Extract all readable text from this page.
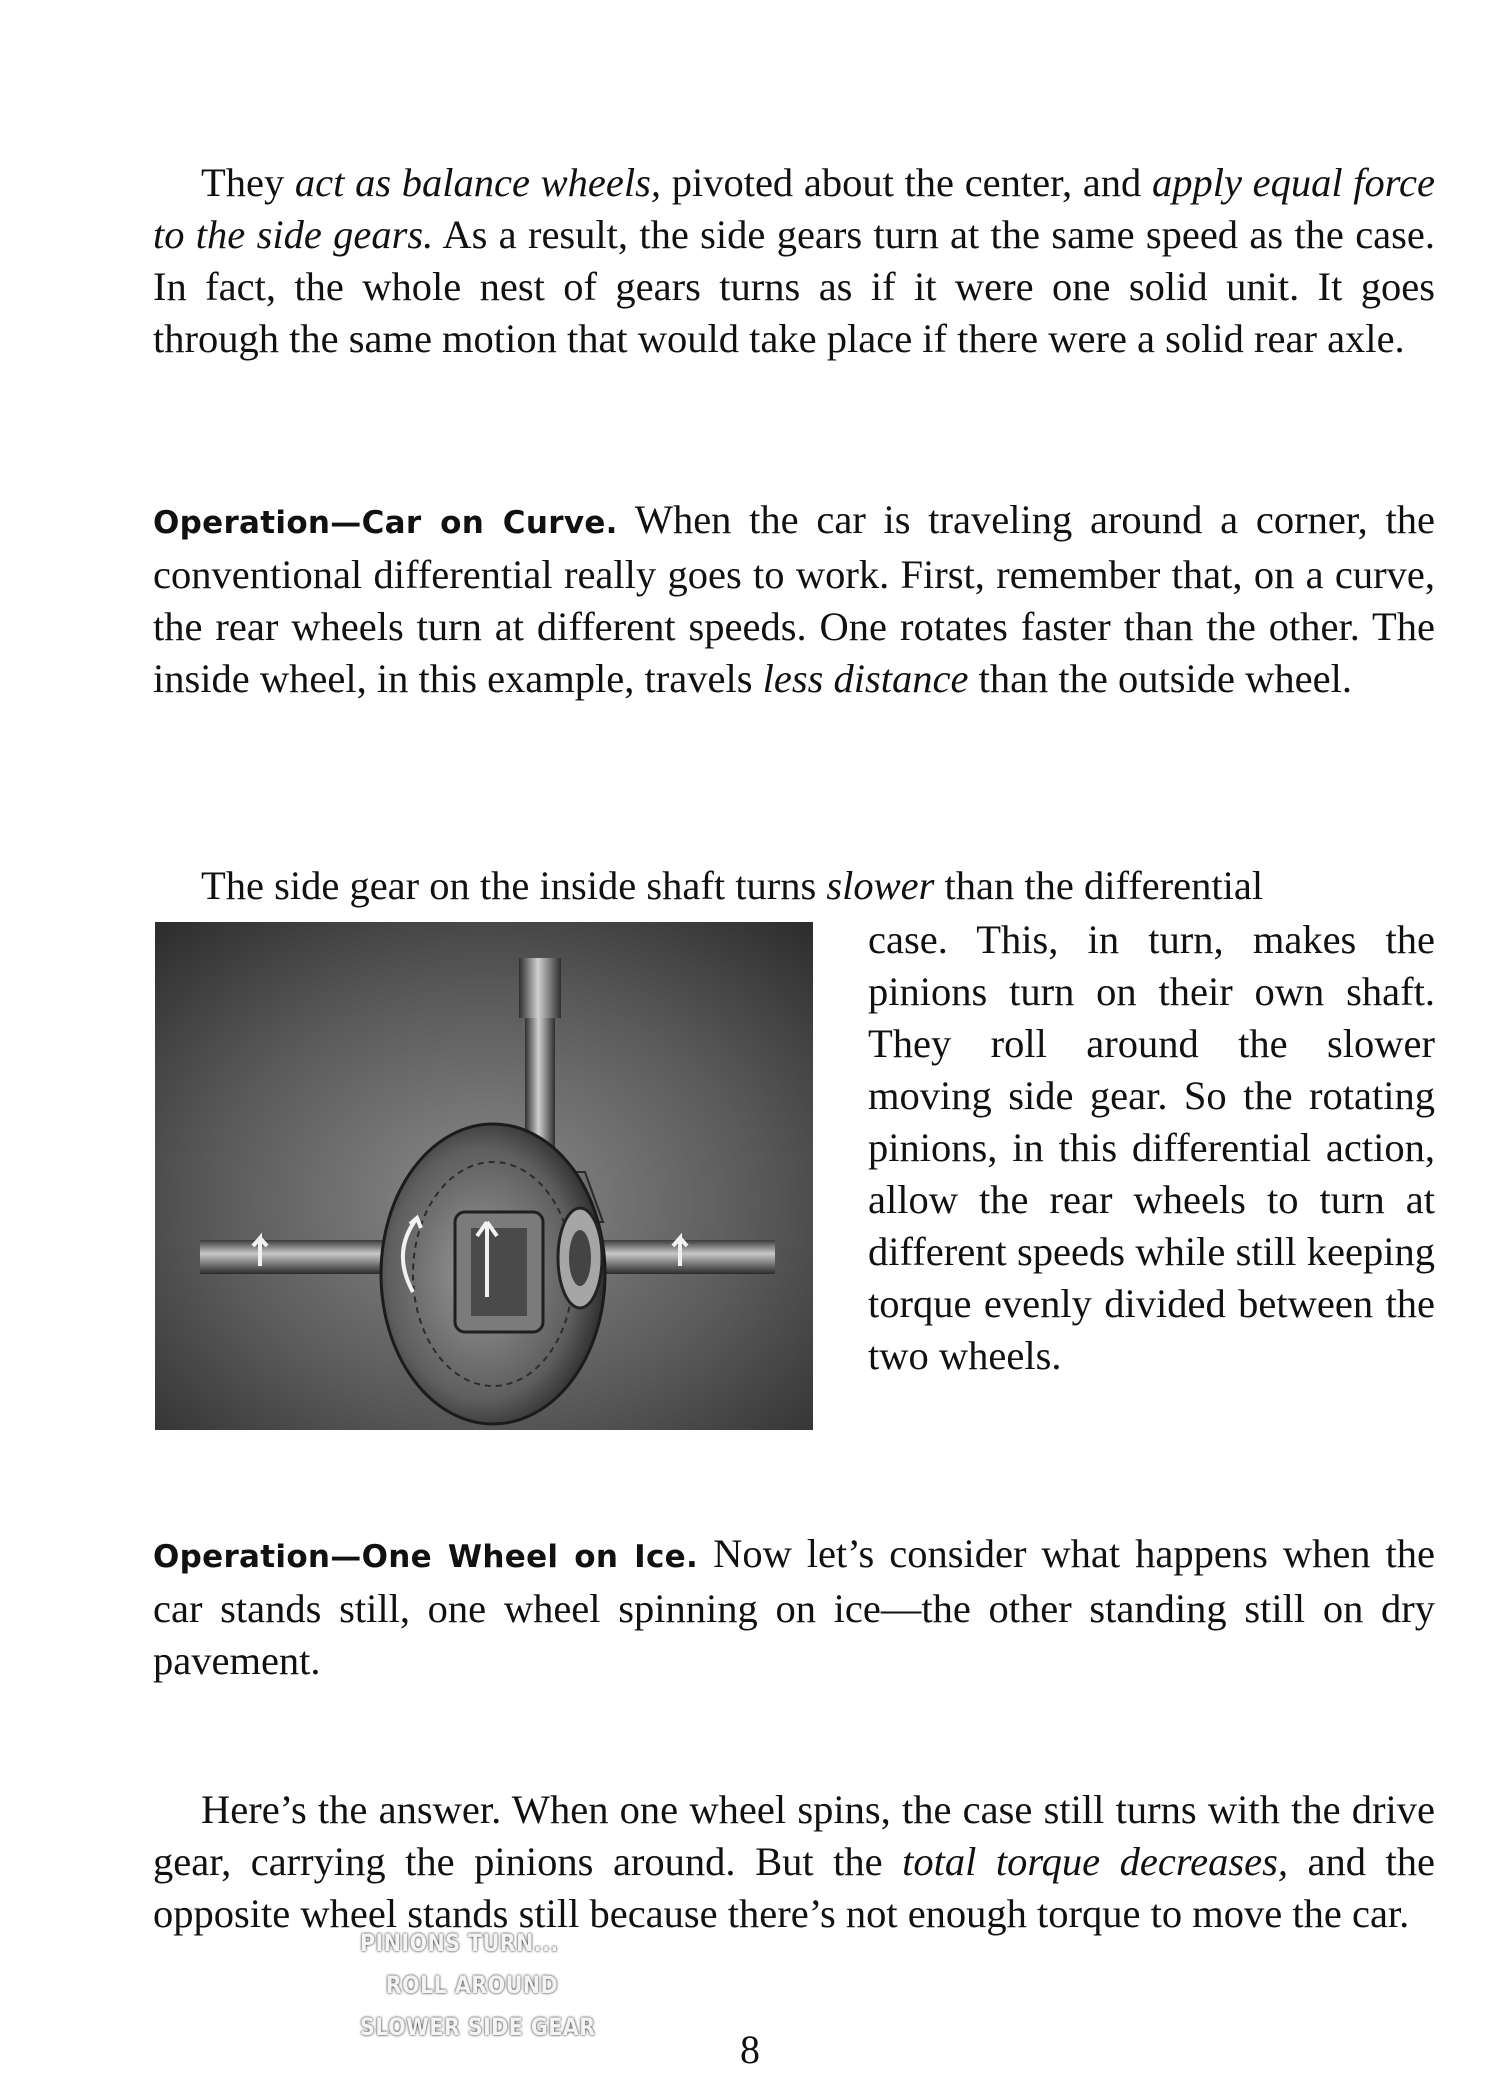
They act as balance wheels, pivoted about the center, and apply equal force to the side gears. As a result, the side gears turn at the same speed as the case. In fact, the whole nest of gears turns as if it were one solid unit. It goes through the same motion that would take place if there were a solid rear axle.

Operation—Car on Curve. When the car is traveling around a corner, the conventional differential really goes to work. First, remember that, on a curve, the rear wheels turn at different speeds. One rotates faster than the other. The inside wheel, in this example, travels less distance than the outside wheel.

The side gear on the inside shaft turns slower than the differential

case. This, in turn, makes the pinions turn on their own shaft. They roll around the slower moving side gear. So the rotating pinions, in this differential action, allow the rear wheels to turn at different speeds while still keeping torque evenly divided between the two wheels.

PINIONS TURN...
ROLL AROUND
SLOWER SIDE GEAR

Operation—One Wheel on Ice. Now let’s consider what happens when the car stands still, one wheel spinning on ice—the other standing still on dry pavement.

Here’s the answer. When one wheel spins, the case still turns with the drive gear, carrying the pinions around. But the total torque decreases, and the opposite wheel stands still because there’s not enough torque to move the car.

8
